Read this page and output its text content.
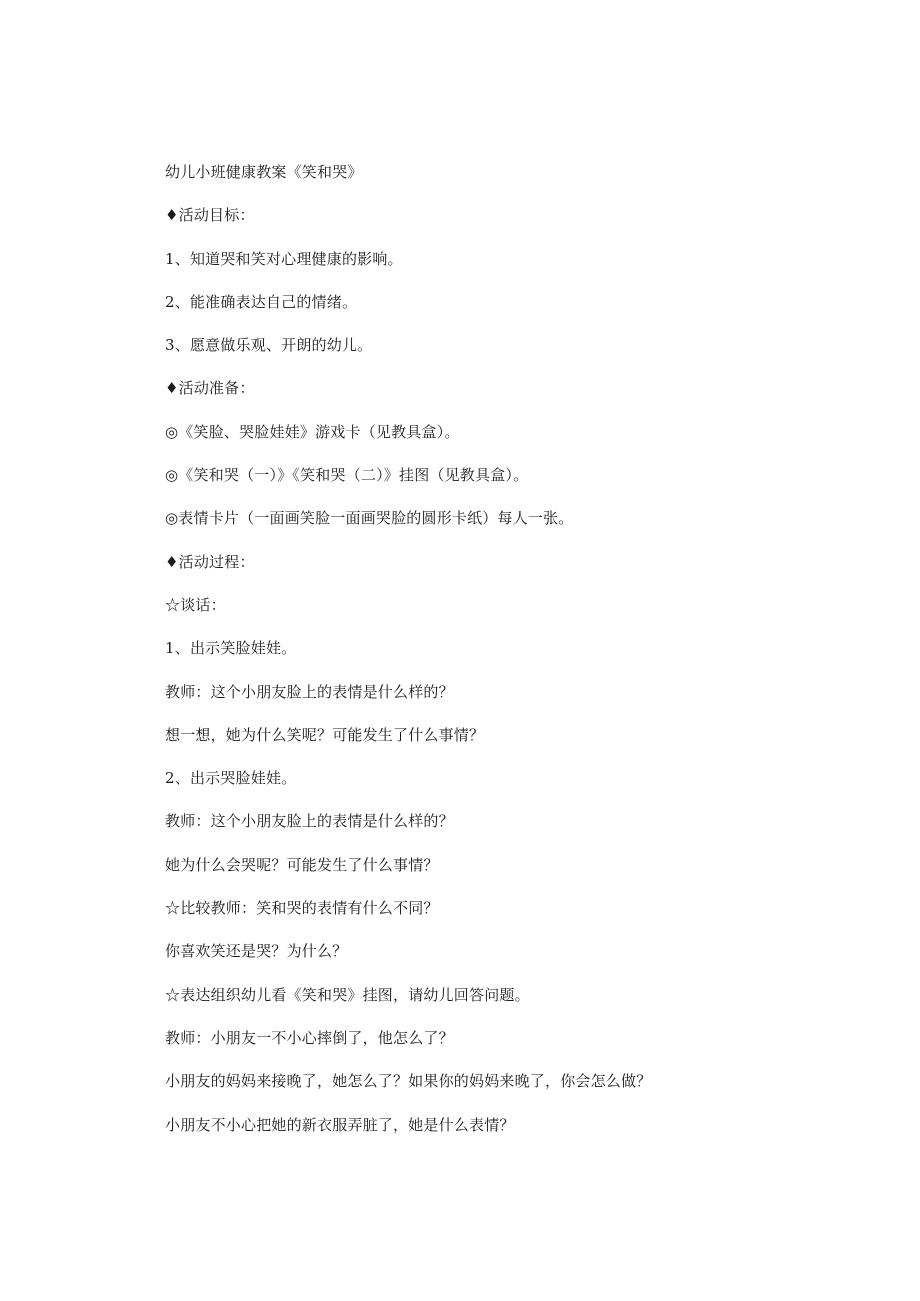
幼儿小班健康教案《笑和哭》
♦活动目标：
1、知道哭和笑对心理健康的影响。
2、能准确表达自己的情绪。
3、愿意做乐观、开朗的幼儿。
♦活动准备：
◎《笑脸、哭脸娃娃》游戏卡（见教具盒）。
◎《笑和哭（一）》《笑和哭（二）》挂图（见教具盒）。
◎表情卡片（一面画笑脸一面画哭脸的圆形卡纸）每人一张。
♦活动过程：
☆谈话：
1、出示笑脸娃娃。
教师：这个小朋友脸上的表情是什么样的？
想一想，她为什么笑呢？可能发生了什么事情？
2、出示哭脸娃娃。
教师：这个小朋友脸上的表情是什么样的？
她为什么会哭呢？可能发生了什么事情？
☆比较教师：笑和哭的表情有什么不同？
你喜欢笑还是哭？为什么？
☆表达组织幼儿看《笑和哭》挂图，请幼儿回答问题。
教师：小朋友一不小心摔倒了，他怎么了？
小朋友的妈妈来接晚了，她怎么了？如果你的妈妈来晚了，你会怎么做？
小朋友不小心把她的新衣服弄脏了，她是什么表情？
